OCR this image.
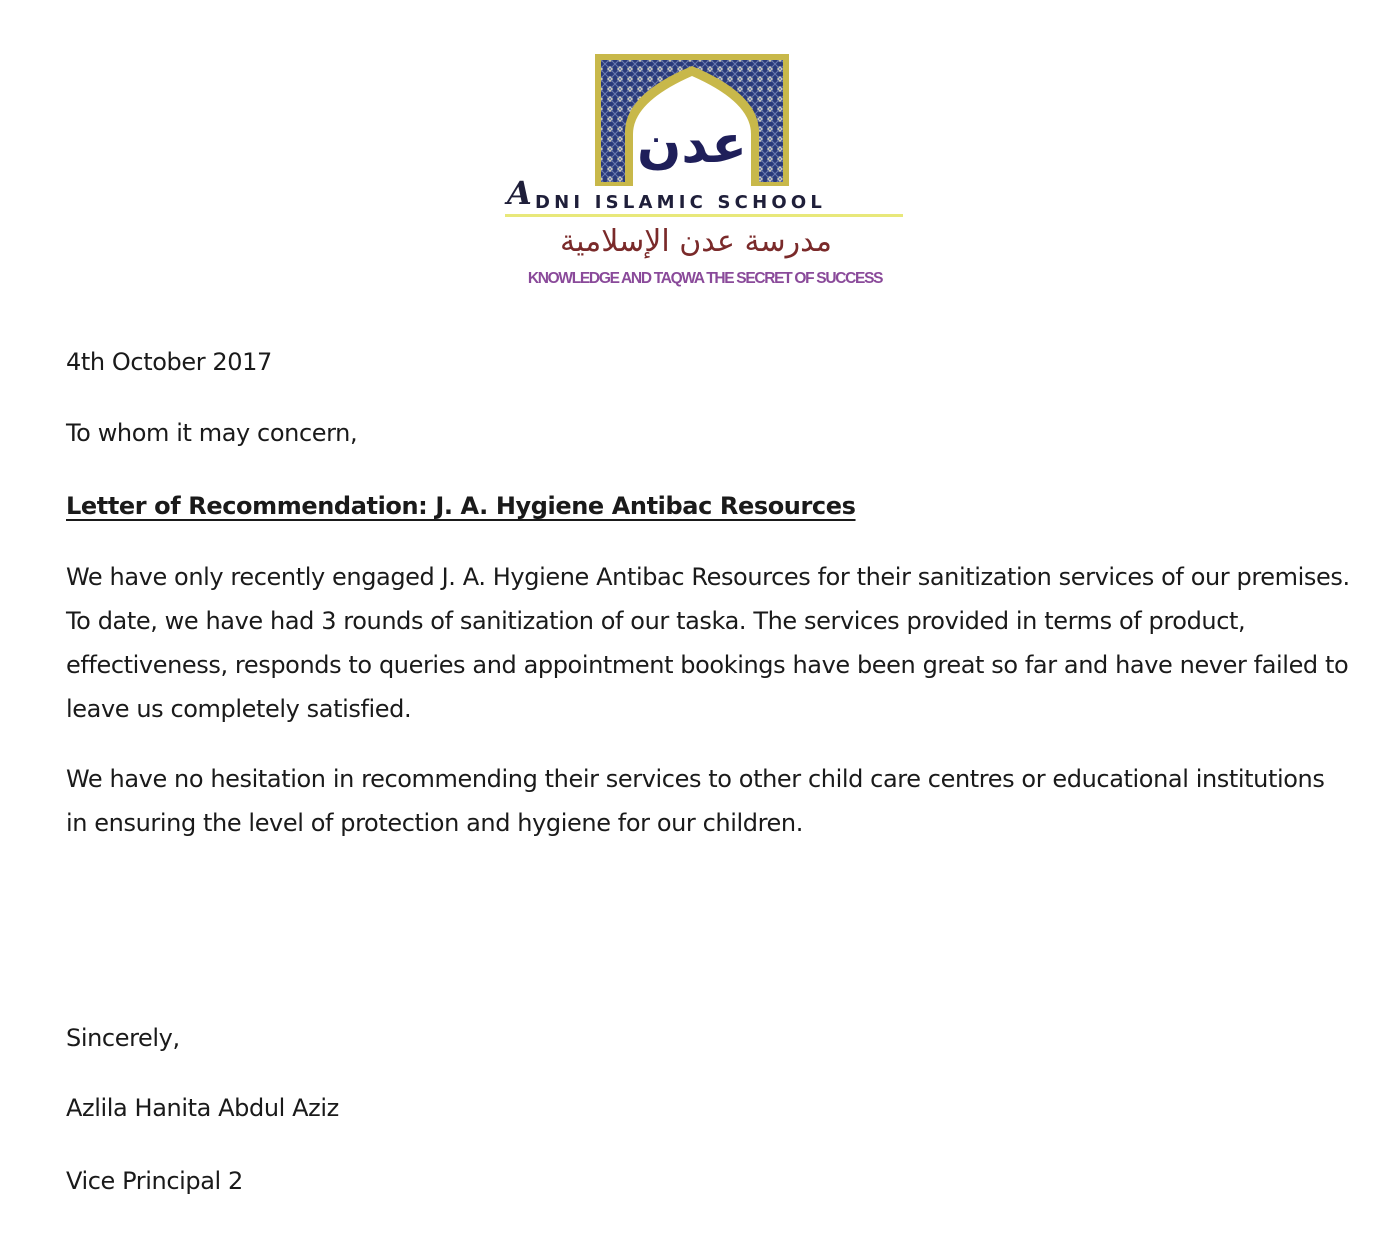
عدن
A DNI ISLAMIC SCHOOL
مدرسة عدن الإسلامية
KNOWLEDGE AND TAQWA THE SECRET OF SUCCESS
4th October 2017
To whom it may concern,
Letter of Recommendation: J. A. Hygiene Antibac Resources
We have only recently engaged J. A. Hygiene Antibac Resources for their sanitization services of our premises. To date, we have had 3 rounds of sanitization of our taska. The services provided in terms of product, effectiveness, responds to queries and appointment bookings have been great so far and have never failed to leave us completely satisfied.
We have no hesitation in recommending their services to other child care centres or educational institutions in ensuring the level of protection and hygiene for our children.
Sincerely,
Azlila Hanita Abdul Aziz
Vice Principal 2
